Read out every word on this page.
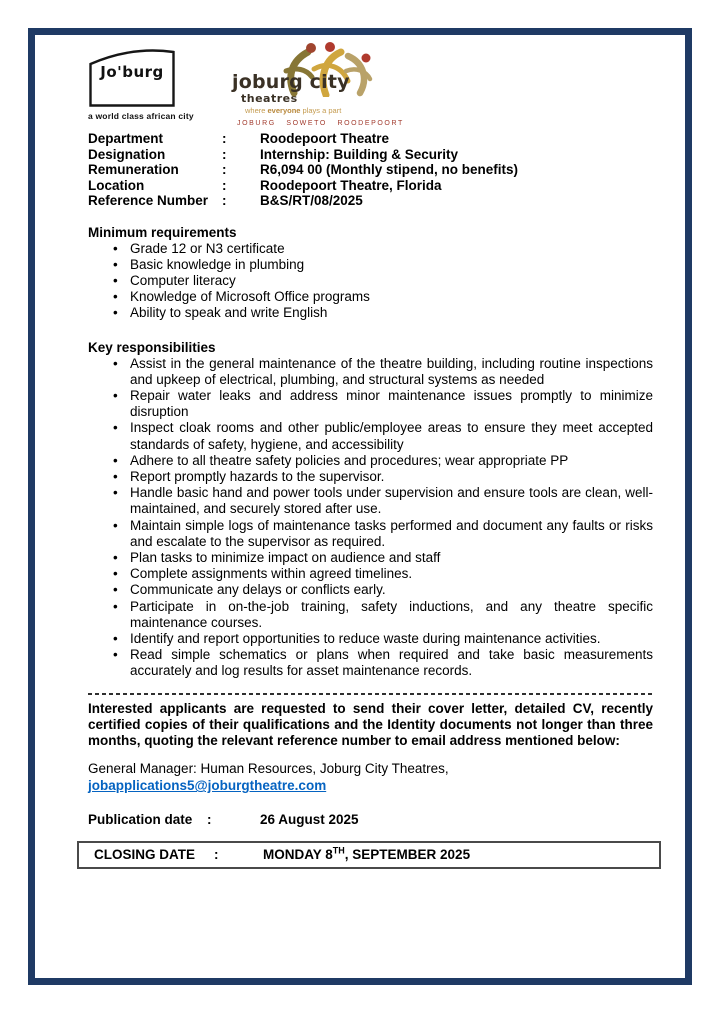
Jo'burg
a world class african city
joburg city
theatres
where everyone plays a part
JOBURG SOWETO ROODEPOORT
Department	:	Roodepoort Theatre
Designation	:	Internship: Building & Security
Remuneration	:	R6,094 00 (Monthly stipend, no benefits)
Location	:	Roodepoort Theatre, Florida
Reference Number	:	B&S/RT/08/2025
Minimum requirements
• Grade 12 or N3 certificate
• Basic knowledge in plumbing
• Computer literacy
• Knowledge of Microsoft Office programs
• Ability to speak and write English
Key responsibilities
• Assist in the general maintenance of the theatre building, including routine inspections and upkeep of electrical, plumbing, and structural systems as needed
• Repair water leaks and address minor maintenance issues promptly to minimize disruption
• Inspect cloak rooms and other public/employee areas to ensure they meet accepted standards of safety, hygiene, and accessibility
• Adhere to all theatre safety policies and procedures; wear appropriate PP
• Report promptly hazards to the supervisor.
• Handle basic hand and power tools under supervision and ensure tools are clean, well-maintained, and securely stored after use.
• Maintain simple logs of maintenance tasks performed and document any faults or risks and escalate to the supervisor as required.
• Plan tasks to minimize impact on audience and staff
• Complete assignments within agreed timelines.
• Communicate any delays or conflicts early.
• Participate in on-the-job training, safety inductions, and any theatre specific maintenance courses.
• Identify and report opportunities to reduce waste during maintenance activities.
• Read simple schematics or plans when required and take basic measurements accurately and log results for asset maintenance records.
Interested applicants are requested to send their cover letter, detailed CV, recently certified copies of their qualifications and the Identity documents not longer than three months, quoting the relevant reference number to email address mentioned below:
General Manager: Human Resources, Joburg City Theatres,
jobapplications5@joburgtheatre.com
Publication date	:	26 August 2025
CLOSING DATE	:	MONDAY 8TH, SEPTEMBER 2025
